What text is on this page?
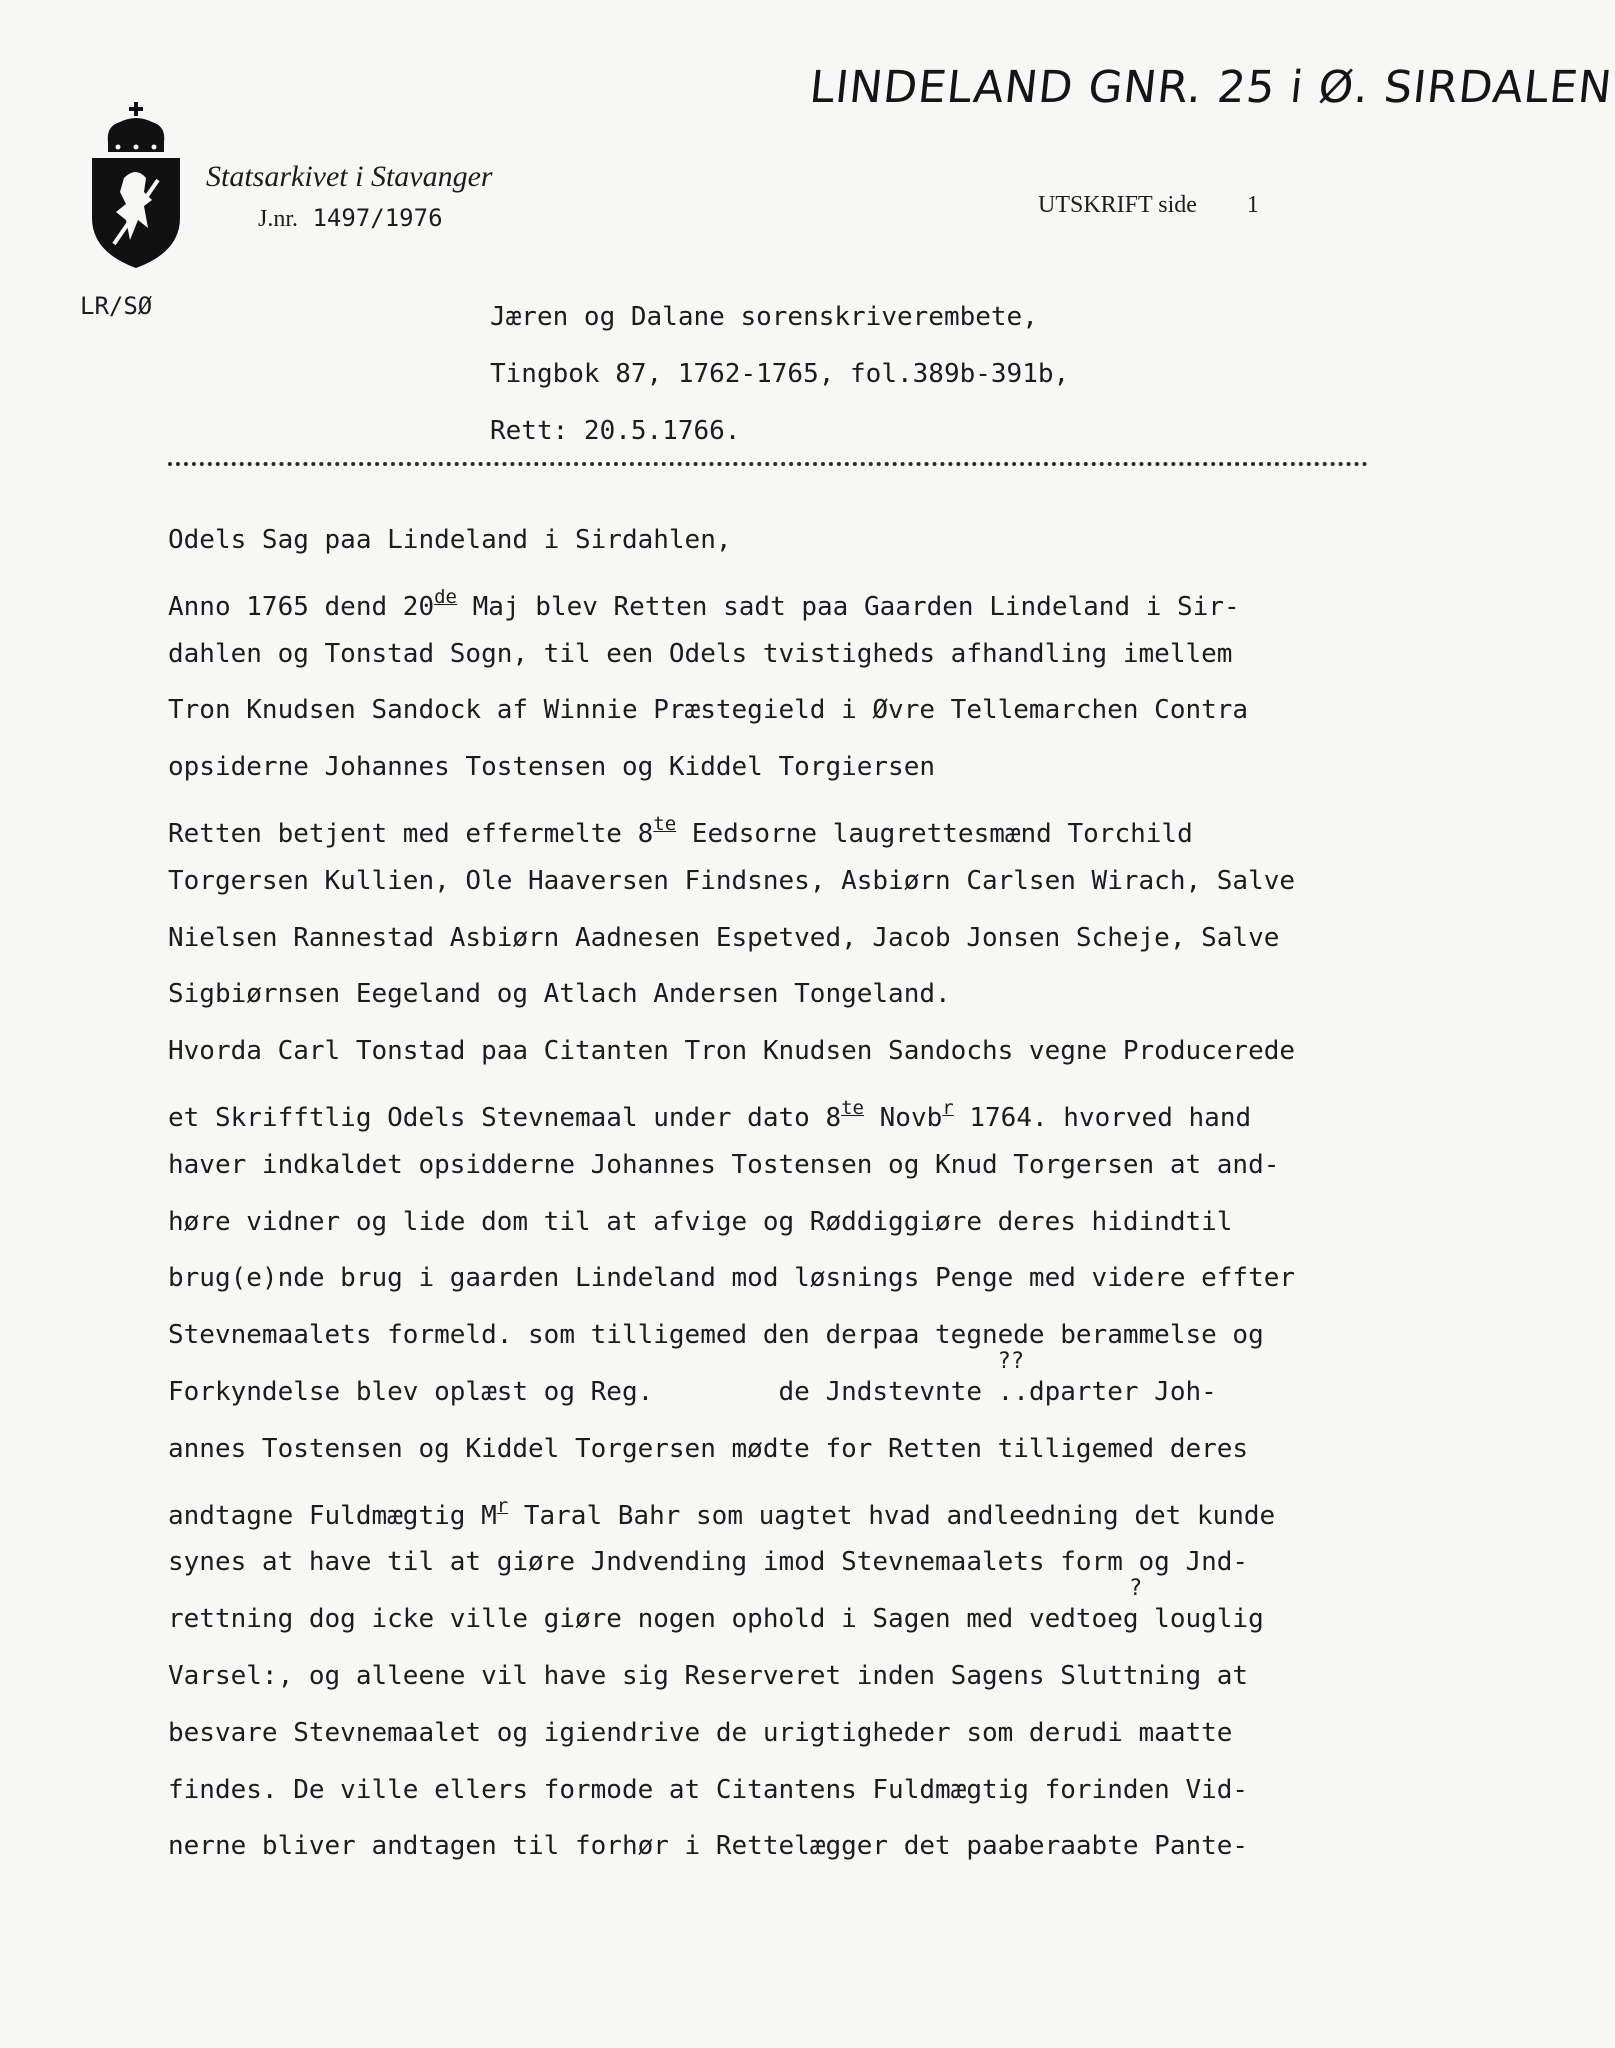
LINDELAND GNR. 25 i Ø. SIRDALEN
Statsarkivet i Stavanger
J.nr. 1497/1976	UTSKRIFT side 1
LR/SØ	Jæren og Dalane sorenskriverembete,
Tingbok 87, 1762-1765, fol.389b-391b,
Rett: 20.5.1766.
Odels Sag paa Lindeland i Sirdahlen,
Anno 1765 dend 20de Maj blev Retten sadt paa Gaarden Lindeland i Sir-
dahlen og Tonstad Sogn, til een Odels tvistigheds afhandling imellem
Tron Knudsen Sandock af Winnie Præstegield i Øvre Tellemarchen Contra
opsiderne Johannes Tostensen og Kiddel Torgiersen
Retten betjent med effermelte $8^{te}$ Eedsorne laugrettesmænd Torchild
Torgersen Kullien, Ole Haaversen Findsnes, Asbiørn Carlsen Wirach, Salve
Nielsen Rannestad Asbiørn Aadnesen Espetved, Jacob Jonsen Scheje, Salve
Sigbiørnsen Eegeland og Atlach Andersen Tongeland.
Hvorda Carl Tonstad paa Citanten Tron Knudsen Sandochs vegne Producerede
et Skrifftlig Odels Stevnemaal under dato $8^{te}$ Novb$^r$ 1764. hvorved hand
haver indkaldet opsidderne Johannes Tostensen og Knud Torgersen at and-
høre vidner og lide dom til at afvige og Røddiggiøre deres hidindtil
brug(e)nde brug i gaarden Lindeland mod løsnings Penge med videre effter
Stevnemaalets formeld. som tilligemed den derpaa tegnede berammelse og
Forkyndelse blev oplæst og Reg.        de Jndstevnte
??
..dparter Joh-
annes Tostensen og Kiddel Torgersen mødte for Retten tilligemed deres
andtagne Fuldmægtig $M^r$ Taral Bahr som uagtet hvad andleedning det kunde
synes at have til at giøre Jndvending imod Stevnemaalets form og Jnd-
rettning dog icke ville giøre nogen ophold i Sagen med
?
vedtoeg louglig
Varsel:, og alleene vil have sig Reserveret inden Sagens Sluttning at
besvare Stevnemaalet og igiendrive de urigtigheder som derudi maatte
findes. De ville ellers formode at Citantens Fuldmægtig forinden Vid-
nerne bliver andtagen til forhør i Rettelægger det paaberaabte Pante-
